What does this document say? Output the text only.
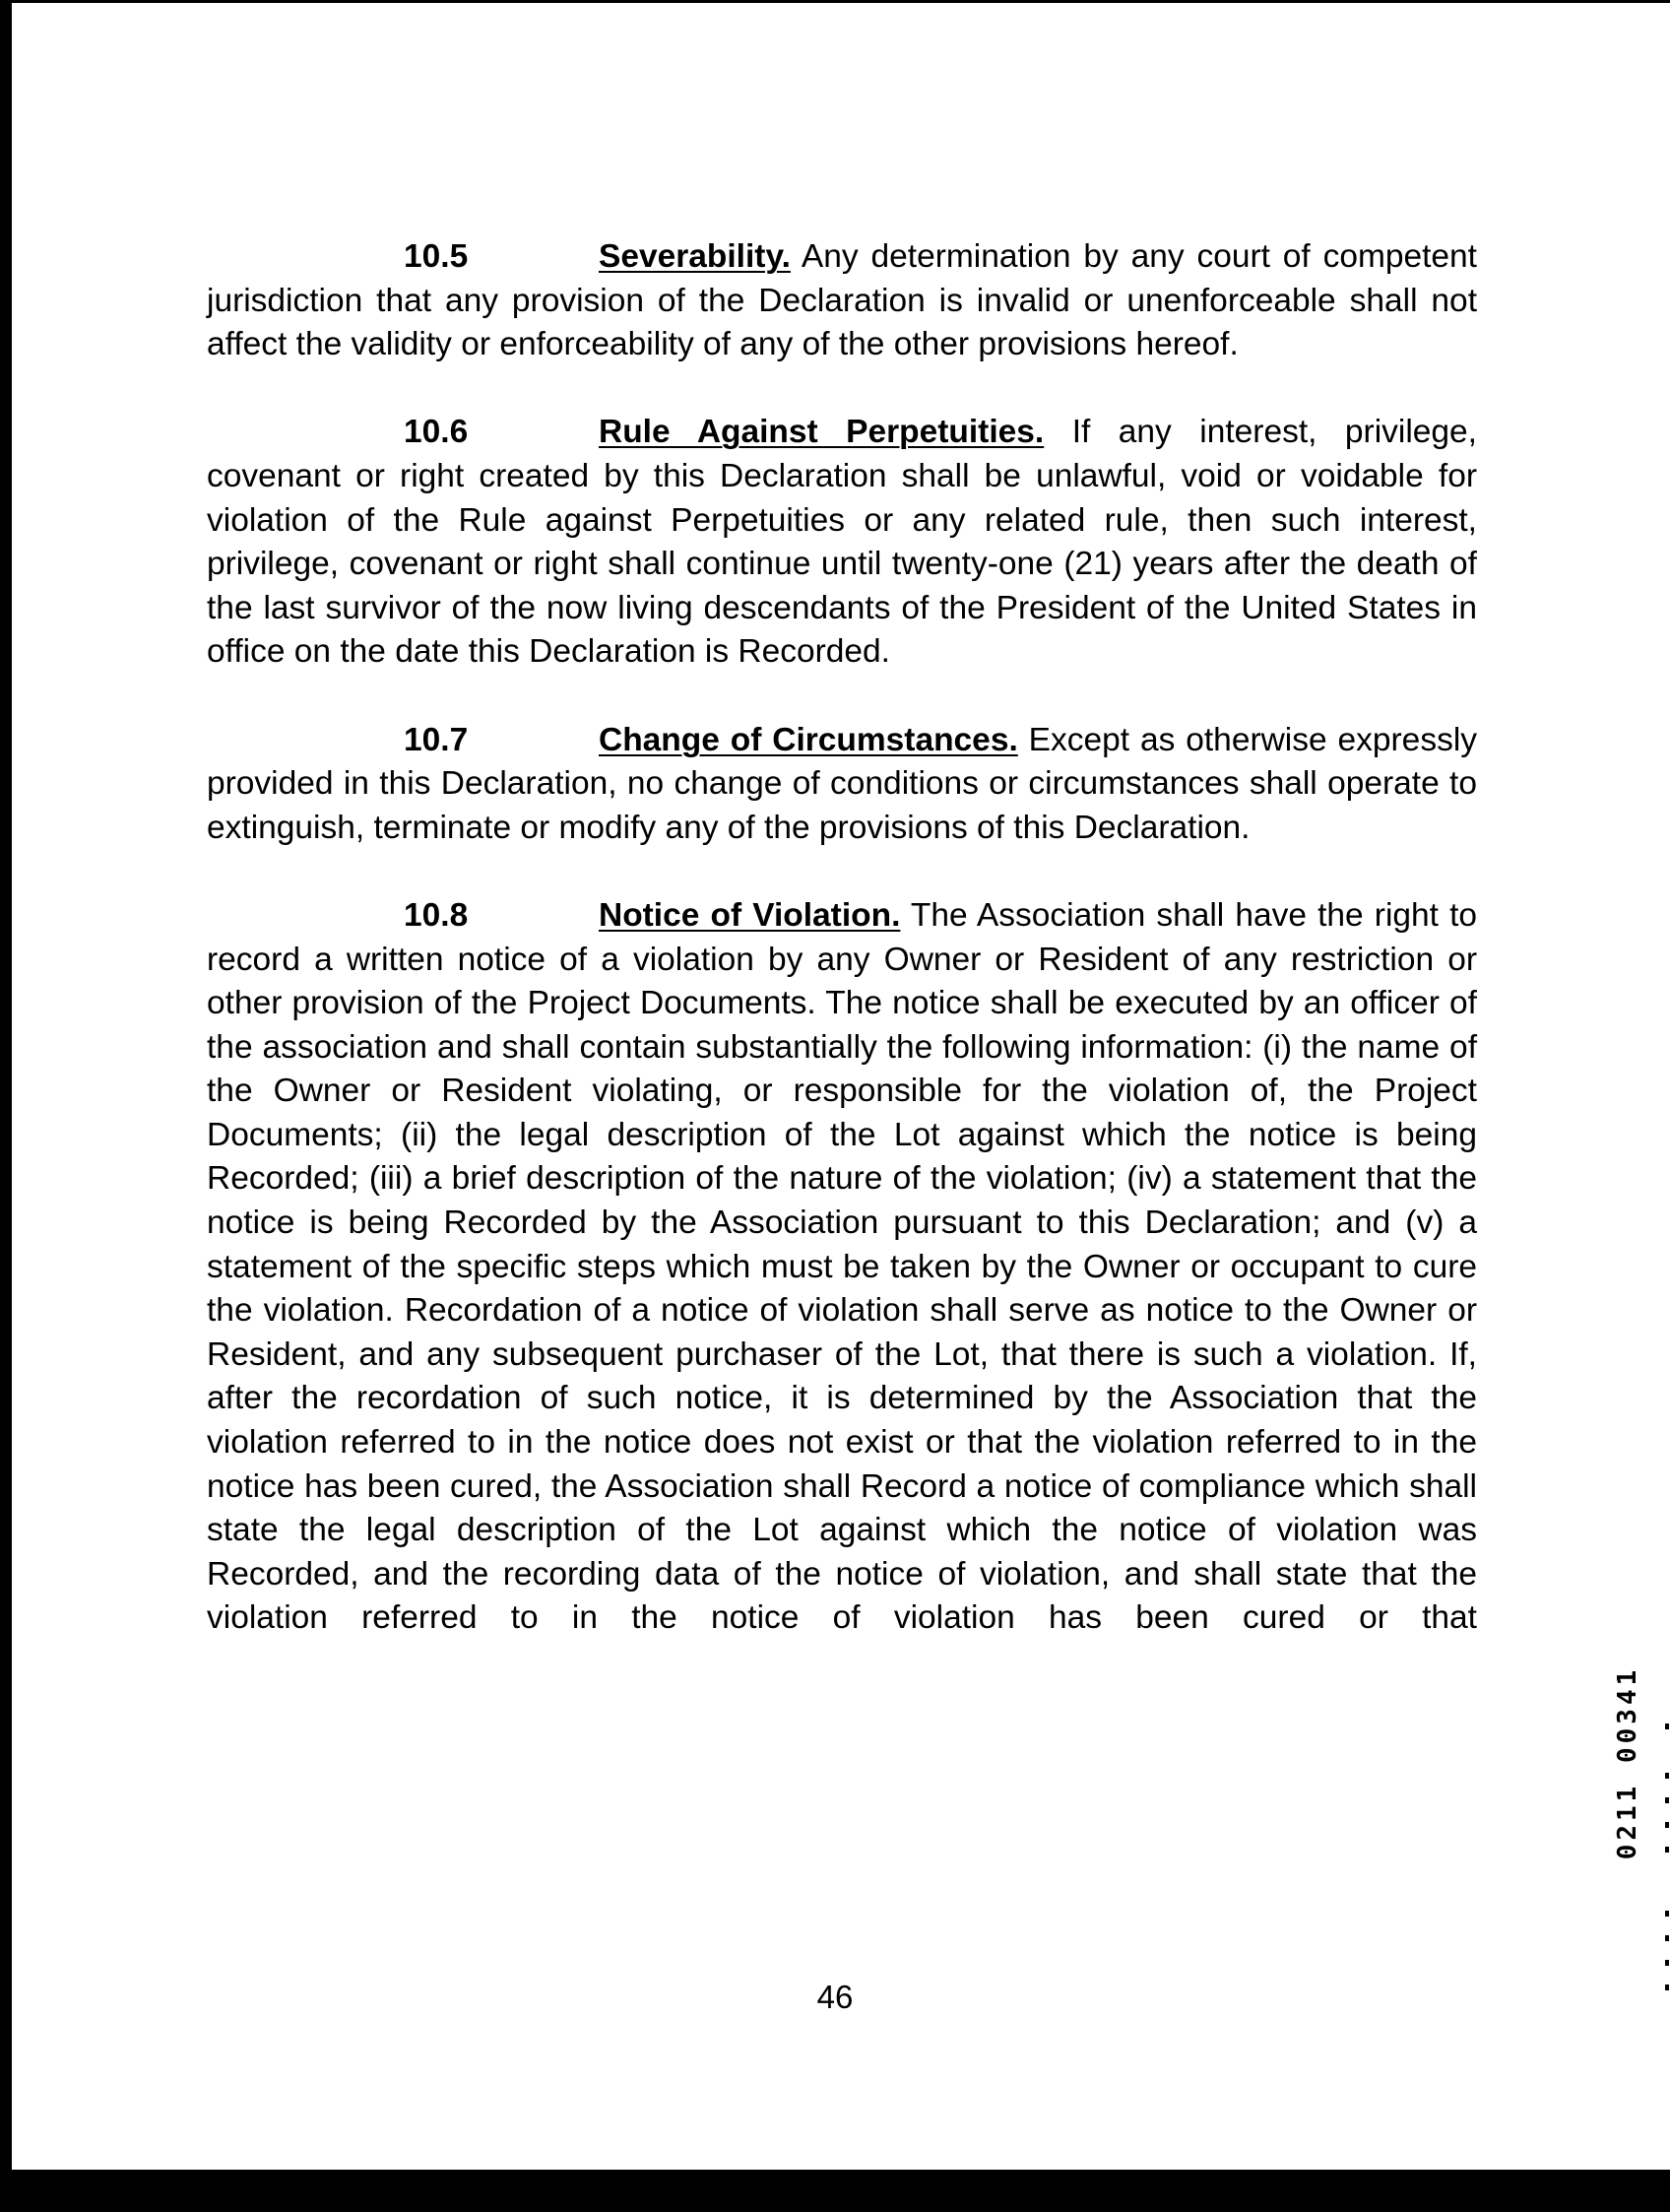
10.5	Severability. Any determination by any court of competent jurisdiction that any provision of the Declaration is invalid or unenforceable shall not affect the validity or enforceability of any of the other provisions hereof.

10.6	Rule Against Perpetuities. If any interest, privilege, covenant or right created by this Declaration shall be unlawful, void or voidable for violation of the Rule against Perpetuities or any related rule, then such interest, privilege, covenant or right shall continue until twenty-one (21) years after the death of the last survivor of the now living descendants of the President of the United States in office on the date this Declaration is Recorded.

10.7	Change of Circumstances. Except as otherwise expressly provided in this Declaration, no change of conditions or circumstances shall operate to extinguish, terminate or modify any of the provisions of this Declaration.

10.8	Notice of Violation. The Association shall have the right to record a written notice of a violation by any Owner or Resident of any restriction or other provision of the Project Documents. The notice shall be executed by an officer of the association and shall contain substantially the following information: (i) the name of the Owner or Resident violating, or responsible for the violation of, the Project Documents; (ii) the legal description of the Lot against which the notice is being Recorded; (iii) a brief description of the nature of the violation; (iv) a statement that the notice is being Recorded by the Association pursuant to this Declaration; and (v) a statement of the specific steps which must be taken by the Owner or occupant to cure the violation. Recordation of a notice of violation shall serve as notice to the Owner or Resident, and any subsequent purchaser of the Lot, that there is such a violation. If, after the recordation of such notice, it is determined by the Association that the violation referred to in the notice does not exist or that the violation referred to in the notice has been cured, the Association shall Record a notice of compliance which shall state the legal description of the Lot against which the notice of violation was Recorded, and the recording data of the notice of violation, and shall state that the violation referred to in the notice of violation has been cured or that

0211 00341
46
